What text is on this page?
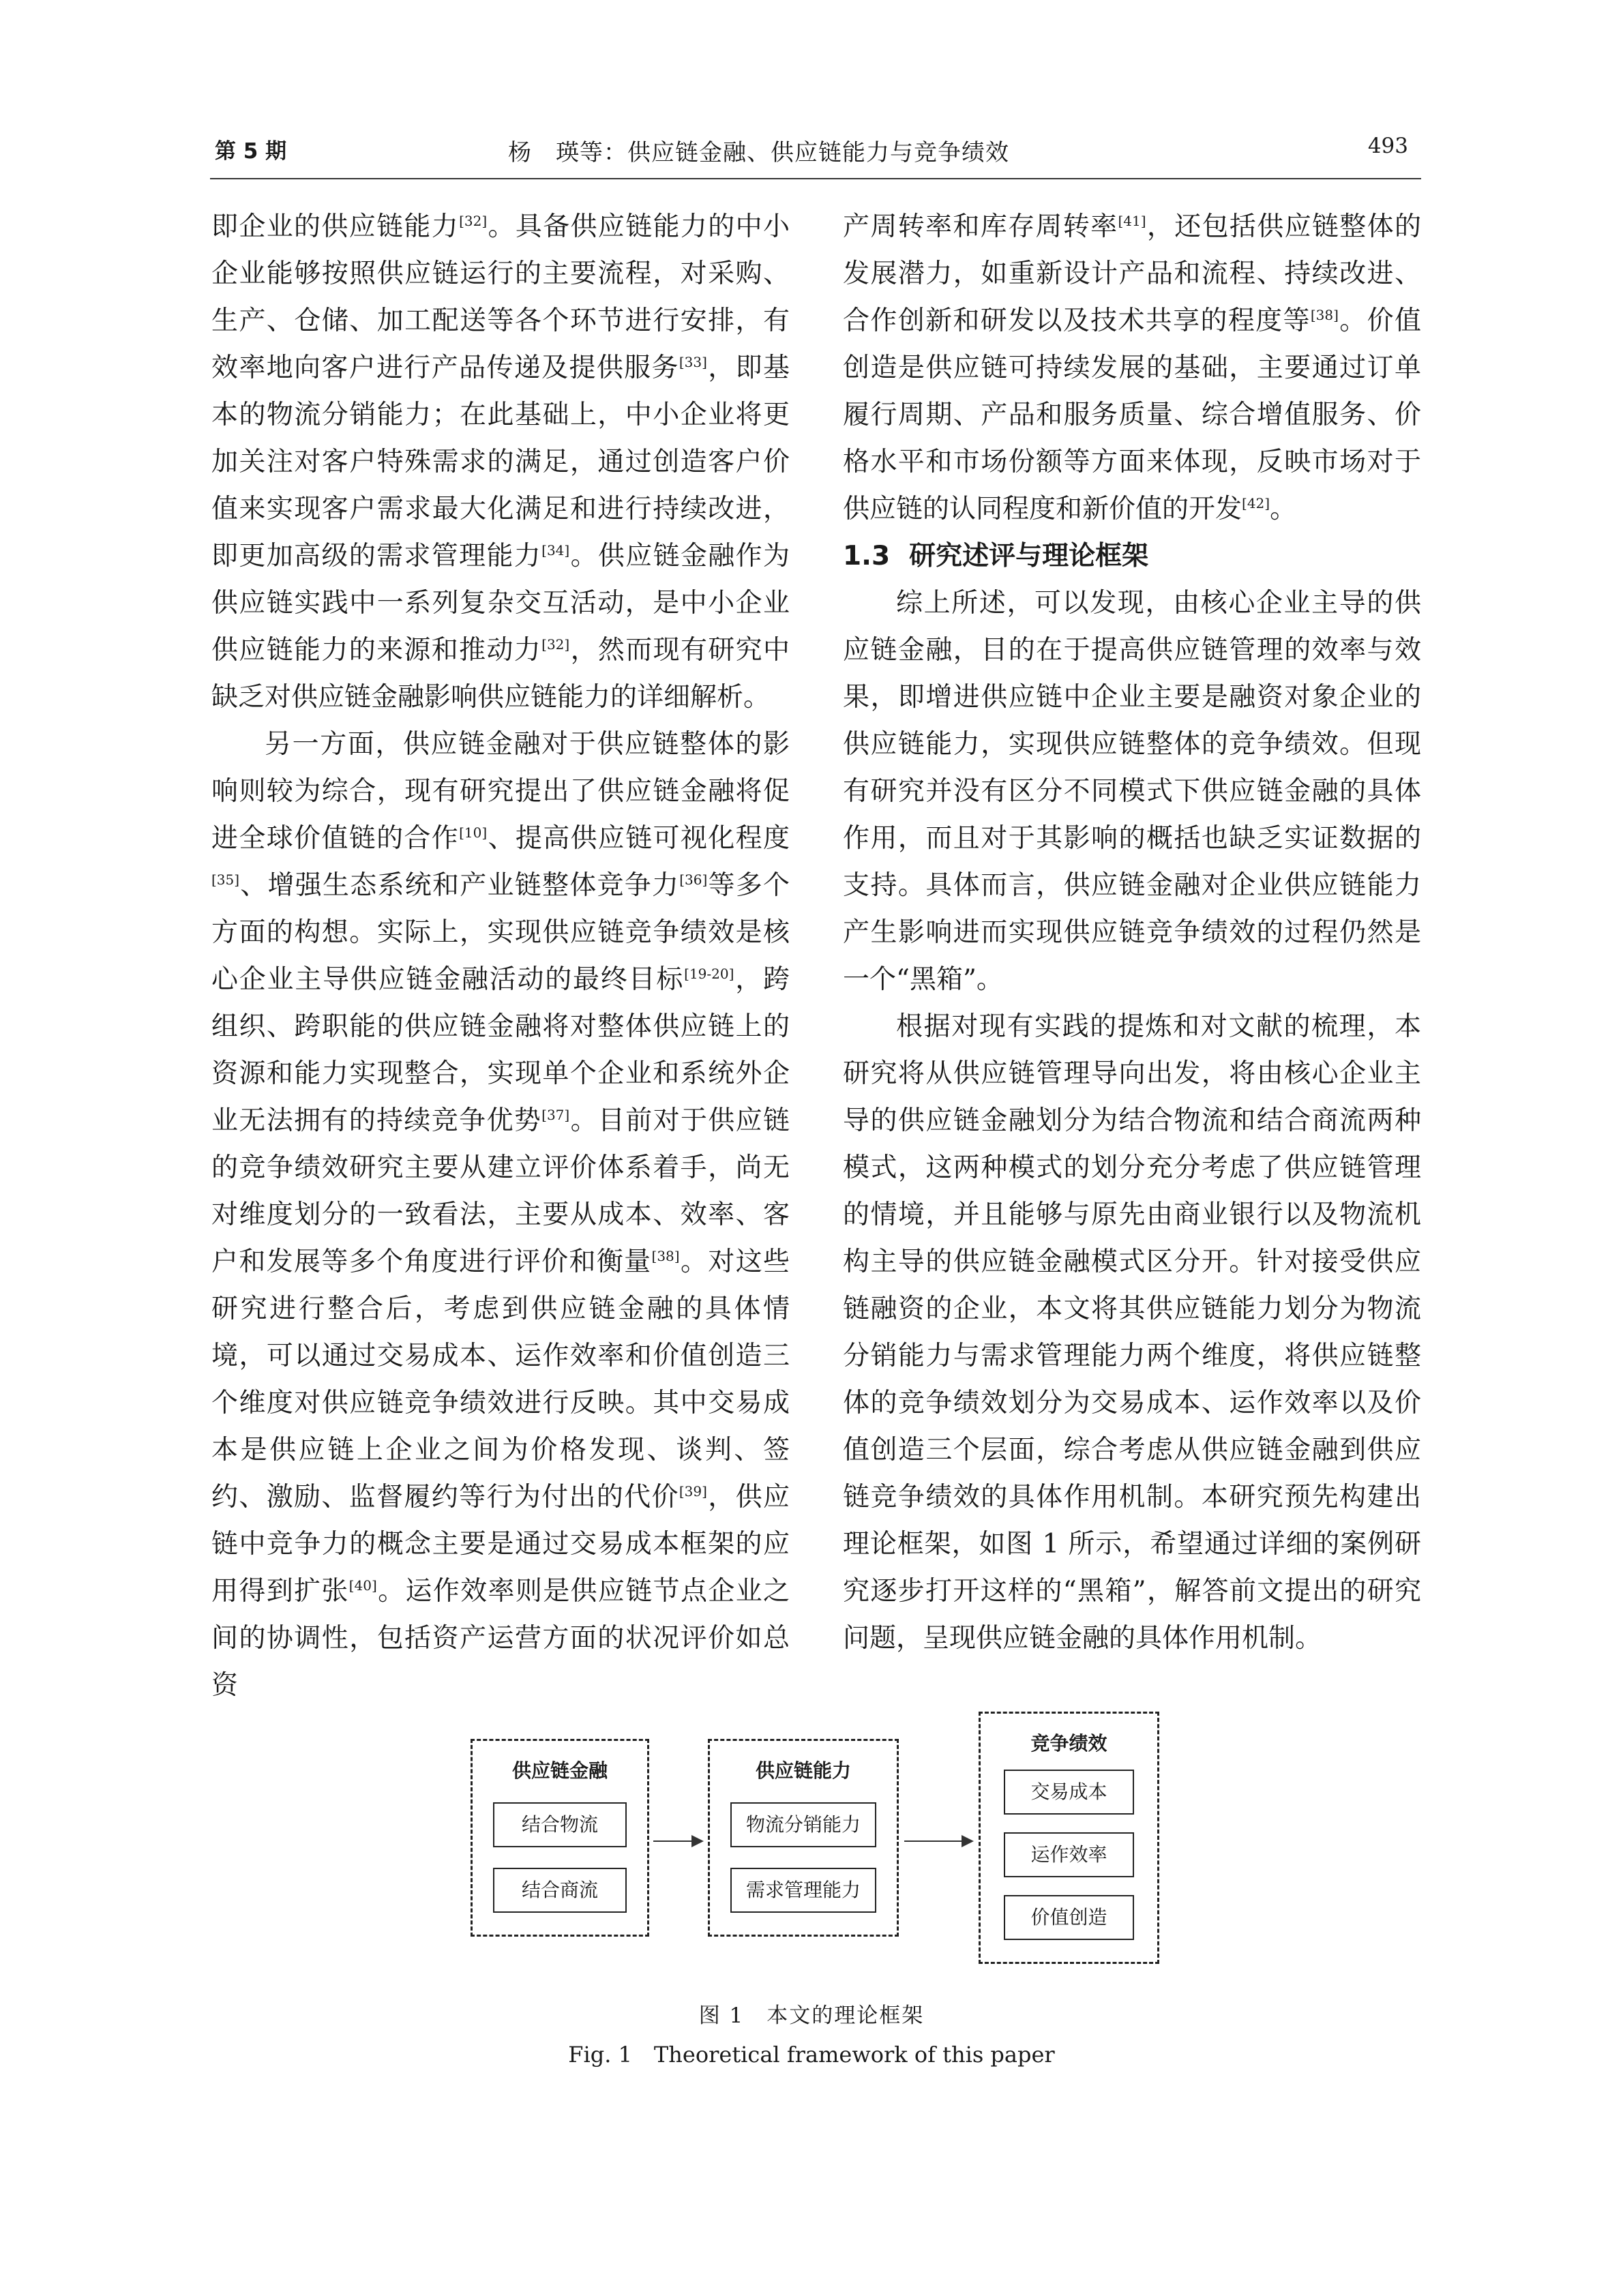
第 5 期	杨　瑛等：供应链金融、供应链能力与竞争绩效	493

即企业的供应链能力[32]。具备供应链能力的中小企业能够按照供应链运行的主要流程，对采购、生产、仓储、加工配送等各个环节进行安排，有效率地向客户进行产品传递及提供服务[33]，即基本的物流分销能力；在此基础上，中小企业将更加关注对客户特殊需求的满足，通过创造客户价值来实现客户需求最大化满足和进行持续改进，即更加高级的需求管理能力[34]。供应链金融作为供应链实践中一系列复杂交互活动，是中小企业供应链能力的来源和推动力[32]，然而现有研究中缺乏对供应链金融影响供应链能力的详细解析。

另一方面，供应链金融对于供应链整体的影响则较为综合，现有研究提出了供应链金融将促进全球价值链的合作[10]、提高供应链可视化程度[35]、增强生态系统和产业链整体竞争力[36]等多个方面的构想。实际上，实现供应链竞争绩效是核心企业主导供应链金融活动的最终目标[19-20]，跨组织、跨职能的供应链金融将对整体供应链上的资源和能力实现整合，实现单个企业和系统外企业无法拥有的持续竞争优势[37]。目前对于供应链的竞争绩效研究主要从建立评价体系着手，尚无对维度划分的一致看法，主要从成本、效率、客户和发展等多个角度进行评价和衡量[38]。对这些研究进行整合后，考虑到供应链金融的具体情境，可以通过交易成本、运作效率和价值创造三个维度对供应链竞争绩效进行反映。其中交易成本是供应链上企业之间为价格发现、谈判、签约、激励、监督履约等行为付出的代价[39]，供应链中竞争力的概念主要是通过交易成本框架的应用得到扩张[40]。运作效率则是供应链节点企业之间的协调性，包括资产运营方面的状况评价如总资

产周转率和库存周转率[41]，还包括供应链整体的发展潜力，如重新设计产品和流程、持续改进、合作创新和研发以及技术共享的程度等[38]。价值创造是供应链可持续发展的基础，主要通过订单履行周期、产品和服务质量、综合增值服务、价格水平和市场份额等方面来体现，反映市场对于供应链的认同程度和新价值的开发[42]。

1.3 研究述评与理论框架

综上所述，可以发现，由核心企业主导的供应链金融，目的在于提高供应链管理的效率与效果，即增进供应链中企业主要是融资对象企业的供应链能力，实现供应链整体的竞争绩效。但现有研究并没有区分不同模式下供应链金融的具体作用，而且对于其影响的概括也缺乏实证数据的支持。具体而言，供应链金融对企业供应链能力产生影响进而实现供应链竞争绩效的过程仍然是一个“黑箱”。

根据对现有实践的提炼和对文献的梳理，本研究将从供应链管理导向出发，将由核心企业主导的供应链金融划分为结合物流和结合商流两种模式，这两种模式的划分充分考虑了供应链管理的情境，并且能够与原先由商业银行以及物流机构主导的供应链金融模式区分开。针对接受供应链融资的企业，本文将其供应链能力划分为物流分销能力与需求管理能力两个维度，将供应链整体的竞争绩效划分为交易成本、运作效率以及价值创造三个层面，综合考虑从供应链金融到供应链竞争绩效的具体作用机制。本研究预先构建出理论框架，如图 1 所示，希望通过详细的案例研究逐步打开这样的“黑箱”，解答前文提出的研究问题，呈现供应链金融的具体作用机制。

供应链金融
结合物流
结合商流
供应链能力
物流分销能力
需求管理能力
竞争绩效
交易成本
运作效率
价值创造
图 1　本文的理论框架
Fig. 1　Theoretical framework of this paper
